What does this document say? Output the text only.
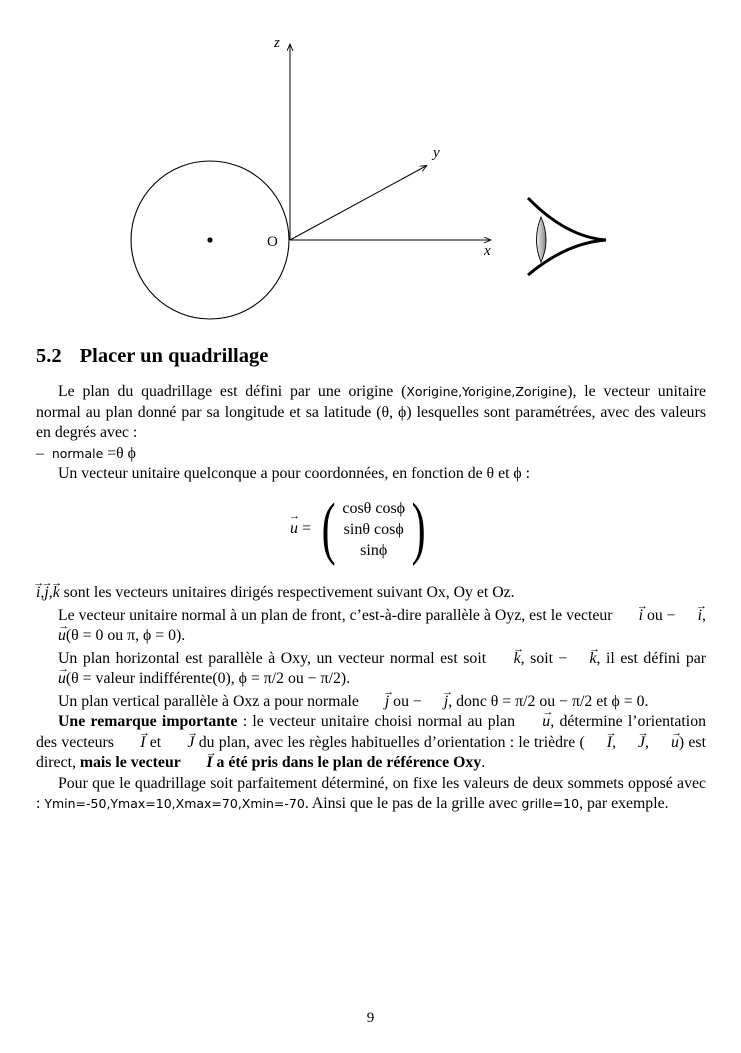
z
y
x
O
5.2 Placer un quadrillage

Le plan du quadrillage est défini par une origine (Xorigine,Yorigine,Zorigine), le vecteur unitaire normal au plan donné par sa longitude et sa latitude (θ, ϕ) lesquelles sont paramétrées, avec des valeurs en degrés avec :

– normale =θ ϕ

Un vecteur unitaire quelconque a pour coordonnées, en fonction de θ et ϕ :

→ u = ( cosθ cosϕ
sinθ cosϕ
sinϕ )

→ i,→ j,→ k sont les vecteurs unitaires dirigés respectivement suivant Ox, Oy et Oz.

Le vecteur unitaire normal à un plan de front, c’est-à-dire parallèle à Oyz, est le vecteur → i ou − → i, → u(θ = 0 ou π, ϕ = 0).

Un plan horizontal est parallèle à Oxy, un vecteur normal est soit → k, soit − → k, il est défini par → u(θ = valeur indifférente(0), ϕ = π/2 ou − π/2).

Un plan vertical parallèle à Oxz a pour normale → j ou − → j, donc θ = π/2 ou − π/2 et ϕ = 0.

Une remarque importante : le vecteur unitaire choisi normal au plan → u, détermine l’orientation des vecteurs → I et → J du plan, avec les règles habituelles d’orientation : le trièdre ( → I, → J, → u) est direct, mais le vecteur → I a été pris dans le plan de référence Oxy.

Pour que le quadrillage soit parfaitement déterminé, on fixe les valeurs de deux sommets opposé avec : Ymin=-50,Ymax=10,Xmax=70,Xmin=-70. Ainsi que le pas de la grille avec grille=10, par exemple.

9
